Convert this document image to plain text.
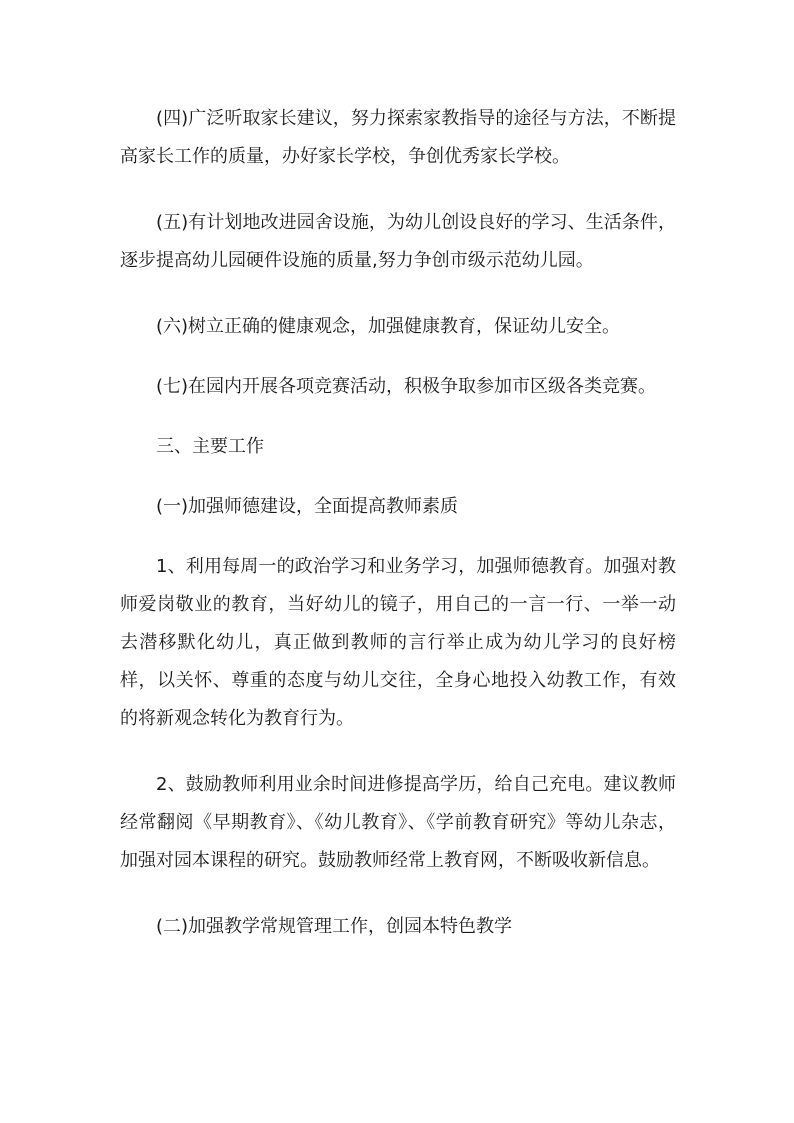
(四)广泛听取家长建议，努力探索家教指导的途径与方法，不断提高家长工作的质量，办好家长学校，争创优秀家长学校。

(五)有计划地改进园舍设施，为幼儿创设良好的学习、生活条件，逐步提高幼儿园硬件设施的质量,努力争创市级示范幼儿园。

(六)树立正确的健康观念，加强健康教育，保证幼儿安全。

(七)在园内开展各项竞赛活动，积极争取参加市区级各类竞赛。

三、主要工作

(一)加强师德建设，全面提高教师素质

1、利用每周一的政治学习和业务学习，加强师德教育。加强对教师爱岗敬业的教育，当好幼儿的镜子，用自己的一言一行、一举一动去潜移默化幼儿，真正做到教师的言行举止成为幼儿学习的良好榜样，以关怀、尊重的态度与幼儿交往，全身心地投入幼教工作，有效的将新观念转化为教育行为。

2、鼓励教师利用业余时间进修提高学历，给自己充电。建议教师经常翻阅《早期教育》、《幼儿教育》、《学前教育研究》等幼儿杂志，加强对园本课程的研究。鼓励教师经常上教育网，不断吸收新信息。

(二)加强教学常规管理工作，创园本特色教学
